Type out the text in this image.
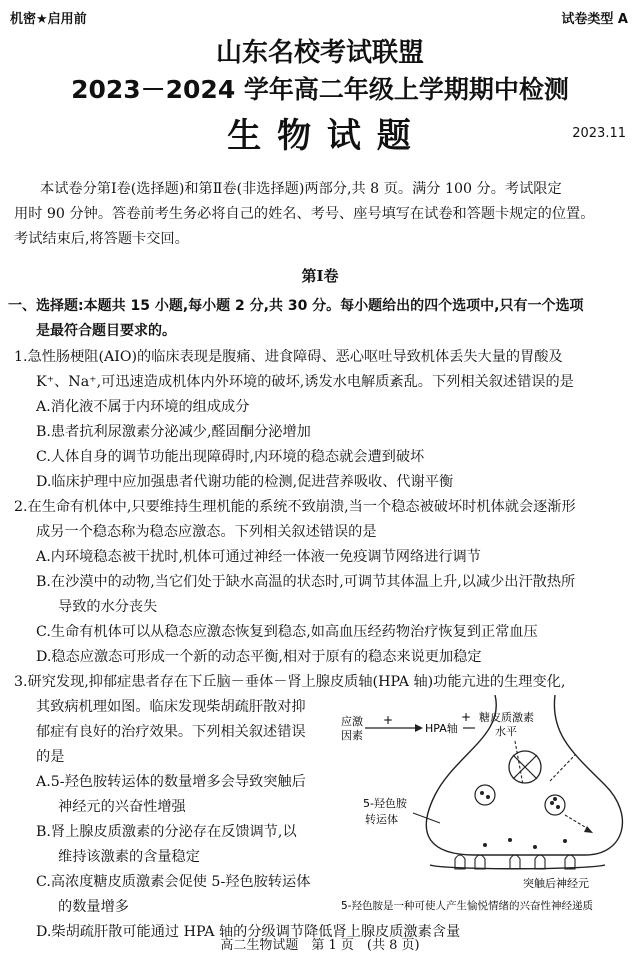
机密★启用前	试卷类型 A
山东名校考试联盟
2023－2024 学年高二年级上学期期中检测
生 物 试 题	2023.11
本试卷分第Ⅰ卷(选择题)和第Ⅱ卷(非选择题)两部分,共 8 页。满分 100 分。考试限定
用时 90 分钟。答卷前考生务必将自己的姓名、考号、座号填写在试卷和答题卡规定的位置。
考试结束后,将答题卡交回。
第Ⅰ卷
一、选择题:本题共 15 小题,每小题 2 分,共 30 分。每小题给出的四个选项中,只有一个选项
是最符合题目要求的。
1.急性肠梗阻(AIO)的临床表现是腹痛、进食障碍、恶心呕吐导致机体丢失大量的胃酸及
K⁺、Na⁺,可迅速造成机体内外环境的破坏,诱发水电解质紊乱。下列相关叙述错误的是
A.消化液不属于内环境的组成成分
B.患者抗利尿激素分泌减少,醛固酮分泌增加
C.人体自身的调节功能出现障碍时,内环境的稳态就会遭到破坏
D.临床护理中应加强患者代谢功能的检测,促进营养吸收、代谢平衡
2.在生命有机体中,只要维持生理机能的系统不致崩溃,当一个稳态被破坏时机体就会逐渐形
成另一个稳态称为稳态应激态。下列相关叙述错误的是
A.内环境稳态被干扰时,机体可通过神经一体液一免疫调节网络进行调节
B.在沙漠中的动物,当它们处于缺水高温的状态时,可调节其体温上升,以减少出汗散热所
导致的水分丧失
C.生命有机体可以从稳态应激态恢复到稳态,如高血压经药物治疗恢复到正常血压
D.稳态应激态可形成一个新的动态平衡,相对于原有的稳态来说更加稳定
3.研究发现,抑郁症患者存在下丘脑－垂体－肾上腺皮质轴(HPA 轴)功能亢进的生理变化,
其致病机理如图。临床发现柴胡疏肝散对抑
郁症有良好的治疗效果。下列相关叙述错误
的是
A.5-羟色胺转运体的数量增多会导致突触后
神经元的兴奋性增强
B.肾上腺皮质激素的分泌存在反馈调节,以
维持该激素的含量稳定
C.高浓度糖皮质激素会促使 5-羟色胺转运体
的数量增多
D.柴胡疏肝散可能通过 HPA 轴的分级调节降低肾上腺皮质激素含量
应激
因素
+
HPA轴
+ 糖皮质激素
水平
5-羟色胺
转运体
突触后神经元
5-羟色胺是一种可使人产生愉悦情绪的兴奋性神经递质
高二生物试题　第 1 页　(共 8 页)
